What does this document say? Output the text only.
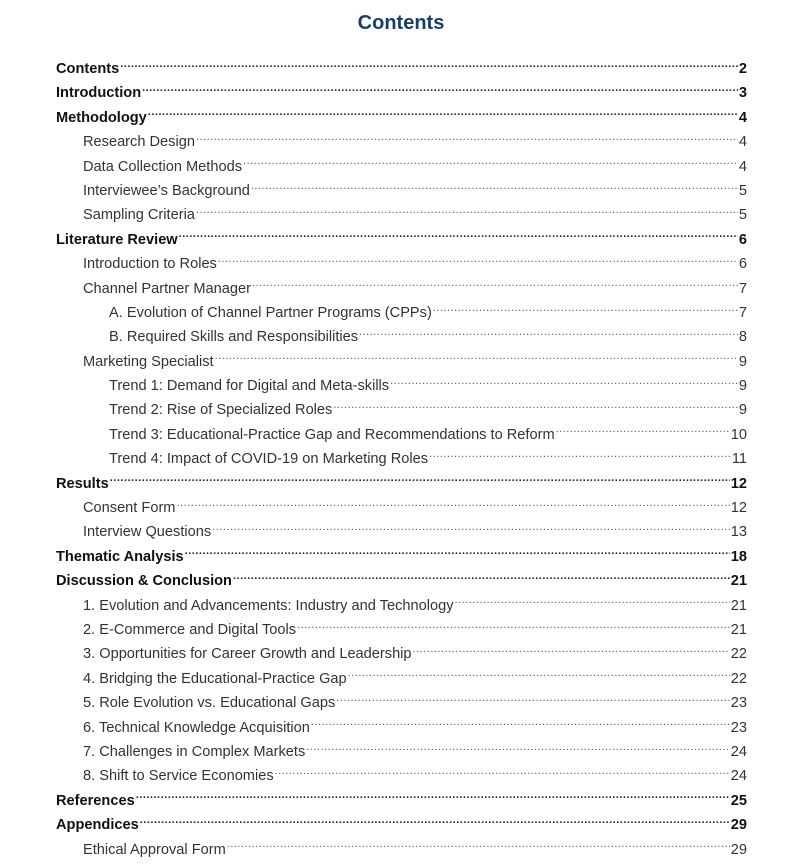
Contents
Contents .....	2
Introduction .....	3
Methodology .....	4
Research Design .....	4
Data Collection Methods .....	4
Interviewee’s Background .....	5
Sampling Criteria .....	5
Literature Review .....	6
Introduction to Roles .....	6
Channel Partner Manager .....	7
A. Evolution of Channel Partner Programs (CPPs) .....	7
B. Required Skills and Responsibilities .....	8
Marketing Specialist .....	9
Trend 1: Demand for Digital and Meta-skills .....	9
Trend 2: Rise of Specialized Roles .....	9
Trend 3: Educational-Practice Gap and Recommendations to Reform .....	10
Trend 4: Impact of COVID-19 on Marketing Roles .....	11
Results .....	12
Consent Form .....	12
Interview Questions .....	13
Thematic Analysis .....	18
Discussion & Conclusion .....	21
1. Evolution and Advancements: Industry and Technology .....	21
2. E-Commerce and Digital Tools .....	21
3. Opportunities for Career Growth and Leadership .....	22
4. Bridging the Educational-Practice Gap .....	22
5. Role Evolution vs. Educational Gaps .....	23
6. Technical Knowledge Acquisition .....	23
7. Challenges in Complex Markets .....	24
8. Shift to Service Economies .....	24
References .....	25
Appendices .....	29
Ethical Approval Form .....	29
